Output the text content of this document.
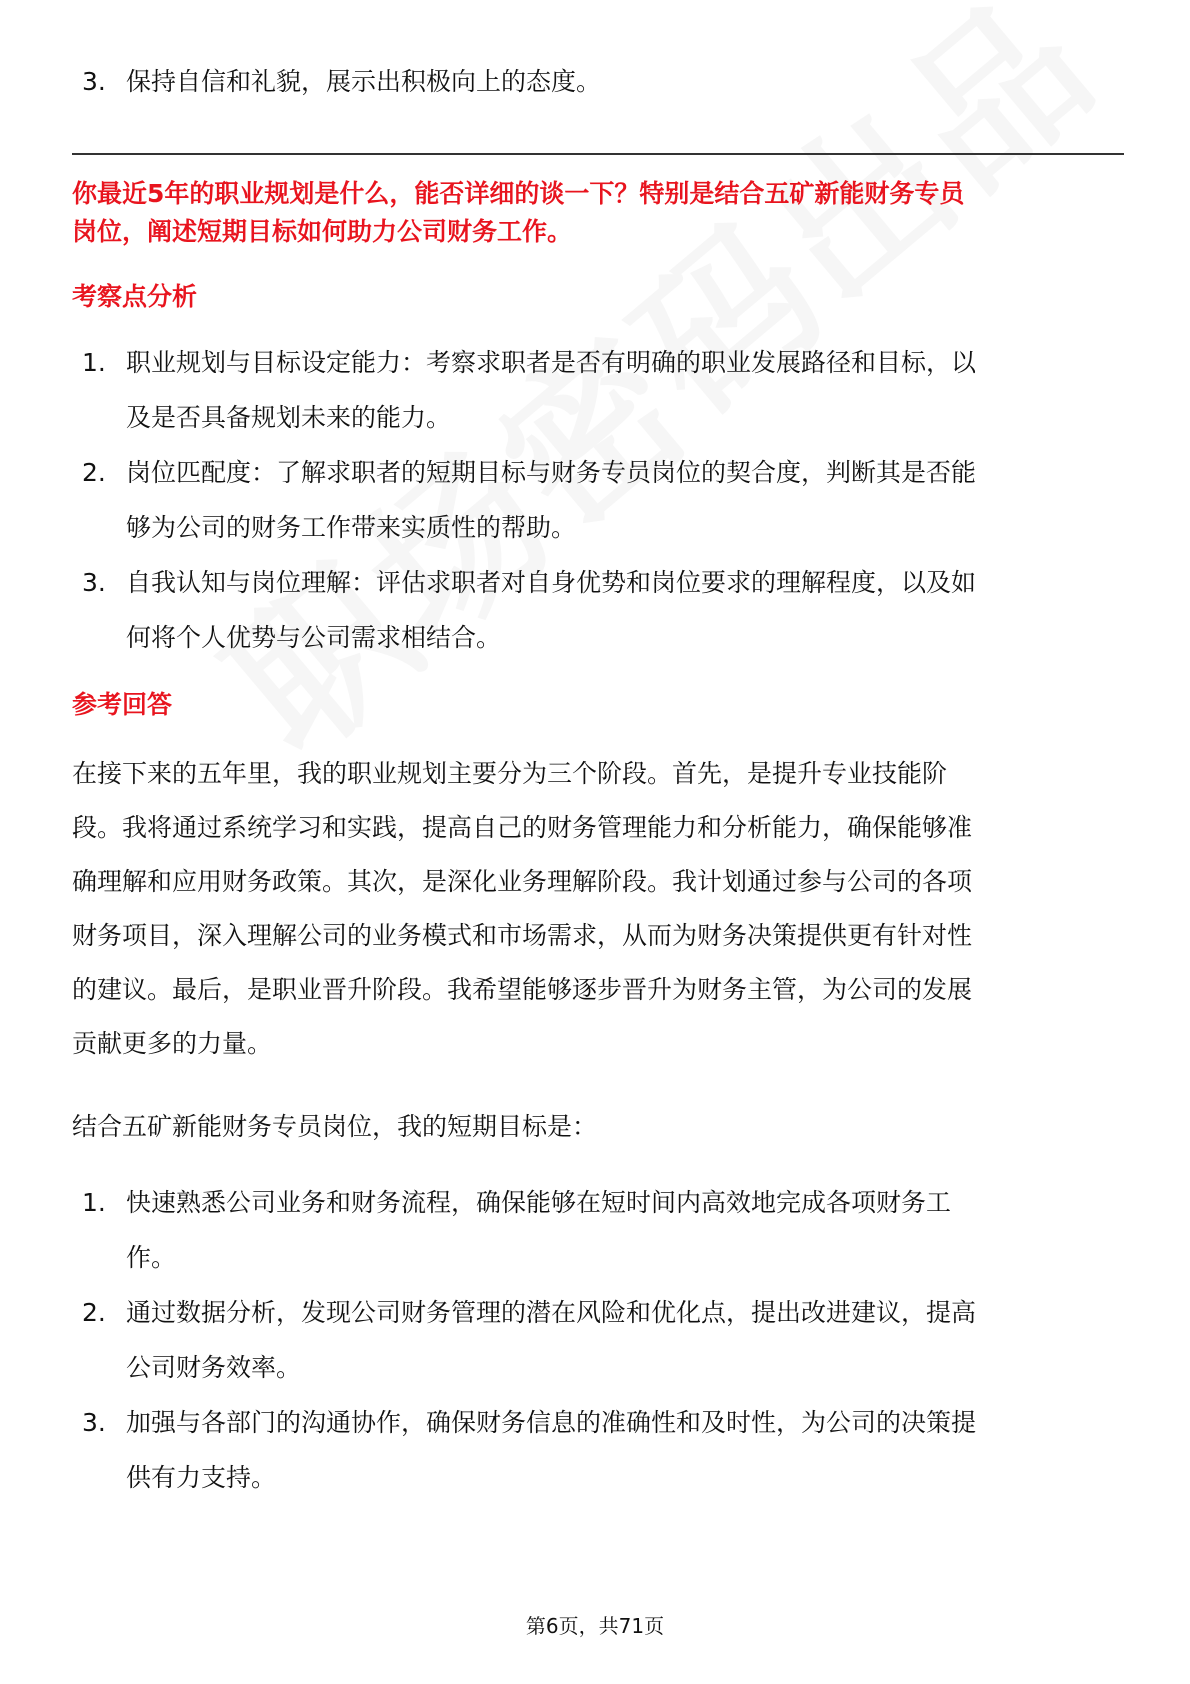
3. 保持自信和礼貌，展示出积极向上的态度。

你最近5年的职业规划是什么，能否详细的谈一下？特别是结合五矿新能财务专员
岗位，阐述短期目标如何助力公司财务工作。

考察点分析
1. 职业规划与目标设定能力：考察求职者是否有明确的职业发展路径和目标，以
及是否具备规划未来的能力。
2. 岗位匹配度：了解求职者的短期目标与财务专员岗位的契合度，判断其是否能
够为公司的财务工作带来实质性的帮助。
3. 自我认知与岗位理解：评估求职者对自身优势和岗位要求的理解程度，以及如
何将个人优势与公司需求相结合。
参考回答

在接下来的五年里，我的职业规划主要分为三个阶段。首先，是提升专业技能阶
段。我将通过系统学习和实践，提高自己的财务管理能力和分析能力，确保能够准
确理解和应用财务政策。其次，是深化业务理解阶段。我计划通过参与公司的各项
财务项目，深入理解公司的业务模式和市场需求，从而为财务决策提供更有针对性
的建议。最后，是职业晋升阶段。我希望能够逐步晋升为财务主管，为公司的发展
贡献更多的力量。

结合五矿新能财务专员岗位，我的短期目标是：

1. 快速熟悉公司业务和财务流程，确保能够在短时间内高效地完成各项财务工
作。
2. 通过数据分析，发现公司财务管理的潜在风险和优化点，提出改进建议，提高
公司财务效率。
3. 加强与各部门的沟通协作，确保财务信息的准确性和及时性，为公司的决策提
供有力支持。
第6页，共71页
